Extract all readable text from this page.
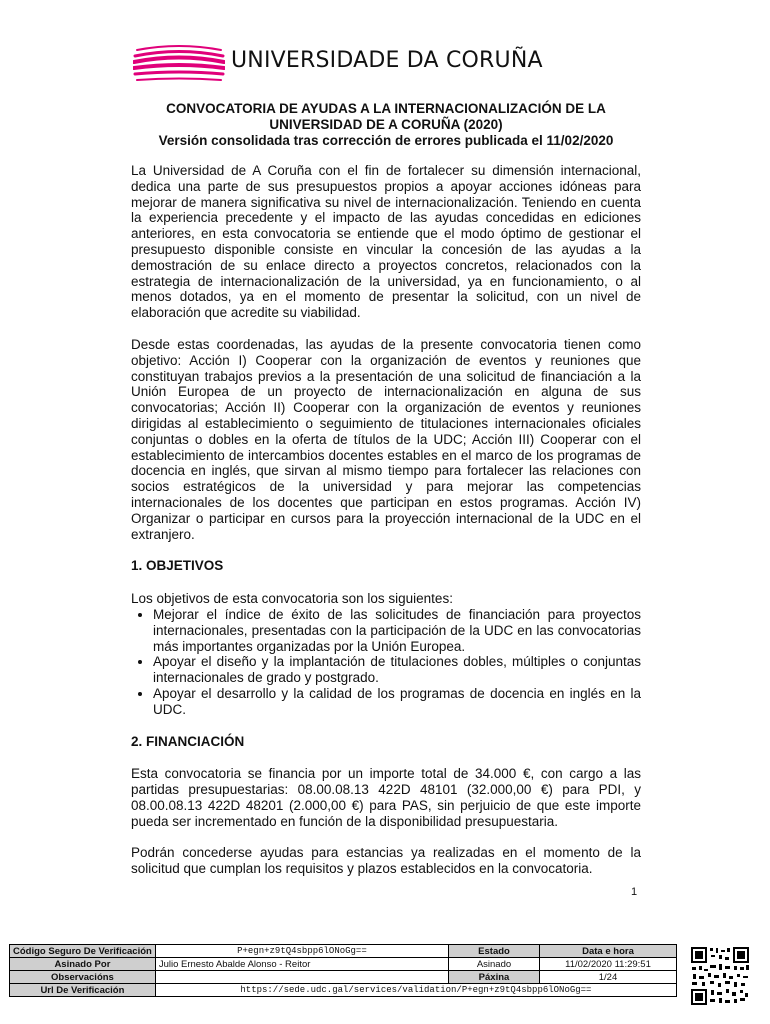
UNIVERSIDADE DA CORUÑA
CONVOCATORIA DE AYUDAS A LA INTERNACIONALIZACIÓN DE LA
UNIVERSIDAD DE A CORUÑA (2020)
Versión consolidada tras corrección de errores publicada el 11/02/2020

La Universidad de A Coruña con el fin de fortalecer su dimensión internacional, dedica una parte de sus presupuestos propios a apoyar acciones idóneas para mejorar de manera significativa su nivel de internacionalización. Teniendo en cuenta la experiencia precedente y el impacto de las ayudas concedidas en ediciones anteriores, en esta convocatoria se entiende que el modo óptimo de gestionar el presupuesto disponible consiste en vincular la concesión de las ayudas a la demostración de su enlace directo a proyectos concretos, relacionados con la estrategia de internacionalización de la universidad, ya en funcionamiento, o al menos dotados, ya en el momento de presentar la solicitud, con un nivel de elaboración que acredite su viabilidad.

Desde estas coordenadas, las ayudas de la presente convocatoria tienen como objetivo: Acción I) Cooperar con la organización de eventos y reuniones que constituyan trabajos previos a la presentación de una solicitud de financiación a la Unión Europea de un proyecto de internacionalización en alguna de sus convocatorias; Acción II) Cooperar con la organización de eventos y reuniones dirigidas al establecimiento o seguimiento de titulaciones internacionales oficiales conjuntas o dobles en la oferta de títulos de la UDC; Acción III) Cooperar con el establecimiento de intercambios docentes estables en el marco de los programas de docencia en inglés, que sirvan al mismo tiempo para fortalecer las relaciones con socios estratégicos de la universidad y para mejorar las competencias internacionales de los docentes que participan en estos programas. Acción IV) Organizar o participar en cursos para la proyección internacional de la UDC en el extranjero.

1. OBJETIVOS

Los objetivos de esta convocatoria son los siguientes:

• Mejorar el índice de éxito de las solicitudes de financiación para proyectos internacionales, presentadas con la participación de la UDC en las convocatorias más importantes organizadas por la Unión Europea.
• Apoyar el diseño y la implantación de titulaciones dobles, múltiples o conjuntas internacionales de grado y postgrado.
• Apoyar el desarrollo y la calidad de los programas de docencia en inglés en la UDC.
2. FINANCIACIÓN

Esta convocatoria se financia por un importe total de 34.000 €, con cargo a las partidas presupuestarias: 08.00.08.13 422D 48101 (32.000,00 €) para PDI, y 08.00.08.13 422D 48201 (2.000,00 €) para PAS, sin perjuicio de que este importe pueda ser incrementado en función de la disponibilidad presupuestaria.

Podrán concederse ayudas para estancias ya realizadas en el momento de la solicitud que cumplan los requisitos y plazos establecidos en la convocatoria.

1
Código Seguro De Verificación	P+egn+z9tQ4sbpp6lONoGg==	Estado	Data e hora
Asinado Por	Julio Ernesto Abalde Alonso - Reitor	Asinado	11/02/2020 11:29:51
Observacións		Páxina	1/24
Url De Verificación	https://sede.udc.gal/services/validation/P+egn+z9tQ4sbpp6lONoGg==		
